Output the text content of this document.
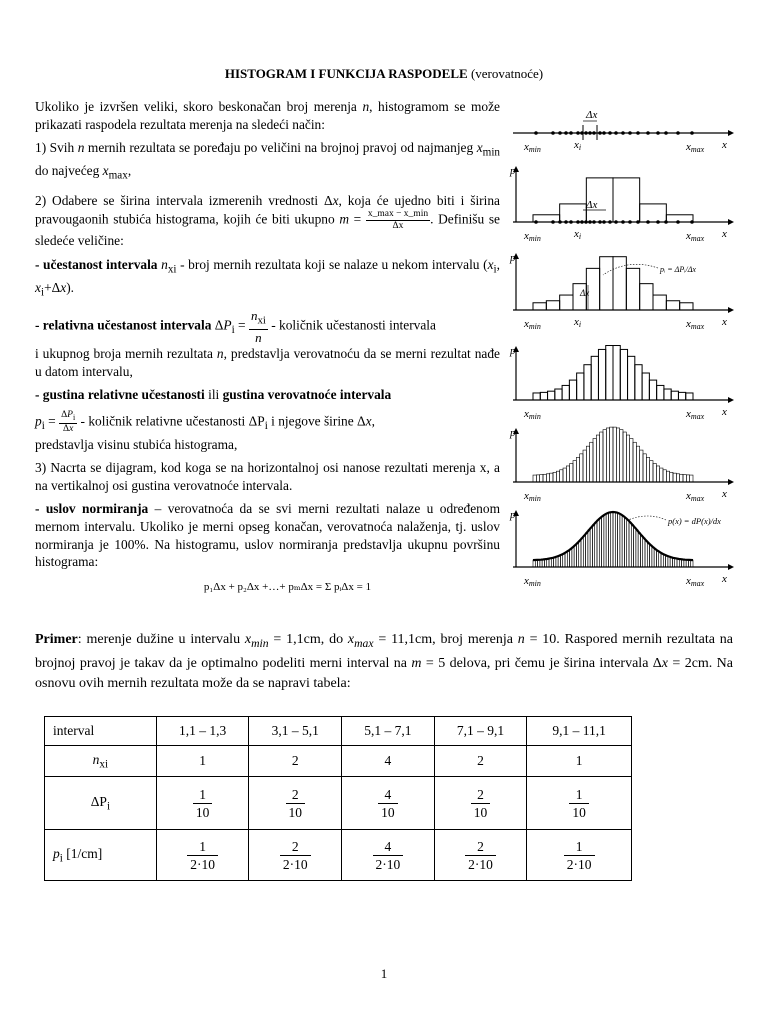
HISTOGRAM I FUNKCIJA RASPODELE (verovatnoće)

Ukoliko je izvršen veliki, skoro beskonačan broj merenja n, histogramom se može prikazati raspodela rezultata merenja na sledeći način:

1) Svih n mernih rezultata se poređaju po veličini na brojnoj pravoj od najmanjeg $x_{min}$ do najvećeg $x_{max}$,

2) Odabere se širina intervala izmerenih vrednosti Δx, koja će ujedno biti i širina pravougaonih stubića histograma, kojih će biti ukupno $m = \frac{x\_\max - x\_\min}{\Delta x}$ . Definišu se sledeće veličine:

- učestanost intervala $n_{xi}$ - broj mernih rezultata koji se nalaze u nekom intervalu ($x_i$, $x_i+\Delta x$).

- relativna učestanost intervala $\Delta P_i = \frac{n_{xi}}{n}$ - količnik učestanosti intervala
i ukupnog broja mernih rezultata n, predstavlja verovatnoću da se merni rezultat nađe u datom intervalu,

- gustina relativne učestanosti ili gustina verovatnoće intervala

$p_i = \frac{\Delta P_i}{\Delta x}$ - količnik relativne učestanosti $\Delta P_i$ i njegove širine Δx,
predstavlja visinu stubića histograma,

3) Nacrta se dijagram, kod koga se na horizontalnoj osi nanose rezultati merenja x, a na vertikalnoj osi gustina verovatnoće intervala.

- uslov normiranja – verovatnoća da se svi merni rezultati nalaze u određenom mernom intervalu. Ukoliko je merni opseg konačan, verovatnoća nalaženja, tj. uslov normiranja je 100%. Na histogramu, uslov normiranja predstavlja ukupnu površinu histograma:

p₁Δx + p₂Δx +…+ pₘΔx = Σ pᵢΔx = 1
Δx
xmin	xi	xmax x
p
xmin	xi	xmax x
Δx
p
xmin	xi	xmax x
Δx
p
xmin	xmax x
p
xmin	xmax x
p
xmin	xmax x
pᵢ = ΔPᵢ/Δx
p(x) = dP(x)/dx
Primer: merenje dužine u intervalu $x_{min} = 1,1cm$, do $x_{max} = 11,1cm$, broj merenja n = 10. Raspored mernih rezultata na brojnoj pravoj je takav da je optimalno podeliti merni interval na m = 5 delova, pri čemu je širina intervala Δx = 2cm. Na osnovu ovih mernih rezultata može da se napravi tabela:
interval	1,1 – 1,3	3,1 – 5,1	5,1 – 7,1	7,1 – 9,1	9,1 – 11,1
$n_{xi}$	1	2	4	2	1
$\Delta P_i$	$\frac{1}{10}$	$\frac{2}{10}$	$\frac{4}{10}$	$\frac{2}{10}$	$\frac{1}{10}$

$p_i$ [1/cm]	$\frac{1}{2\cdot 10}$	$\frac{2}{2\cdot 10}$	$\frac{4}{2\cdot 10}$	$\frac{2}{2\cdot 10}$	$\frac{1}{2\cdot 10}$
1
